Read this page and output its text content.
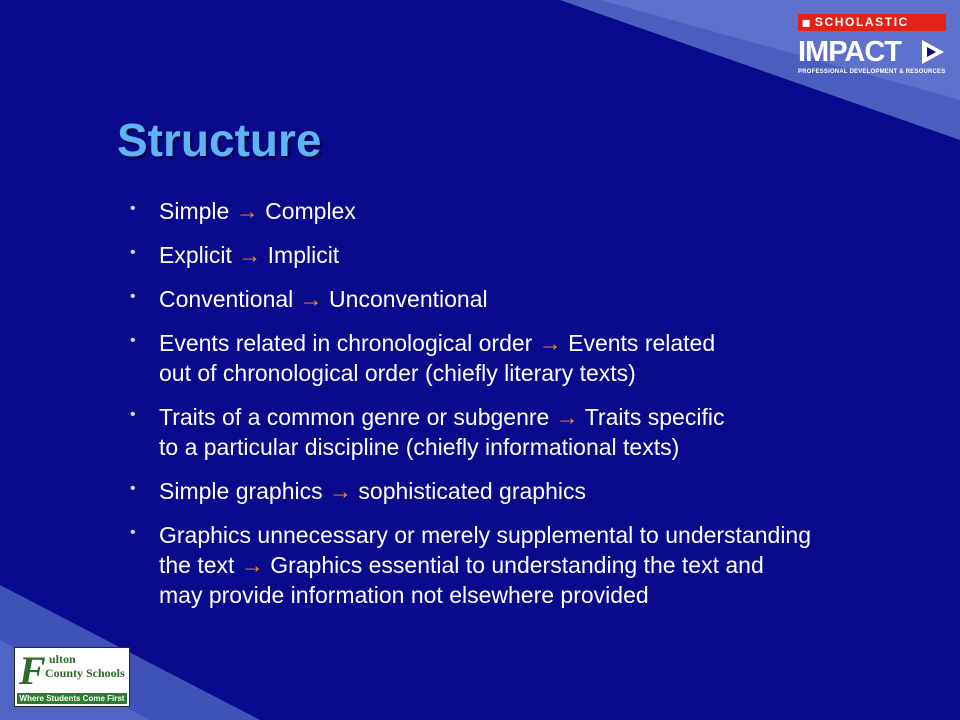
◼ SCHOLASTIC
IMPACT
PROFESSIONAL DEVELOPMENT & RESOURCES
Structure
• Simple → Complex
• Explicit → Implicit
• Conventional → Unconventional
• Events related in chronological order → Events related
out of chronological order (chiefly literary texts)
• Traits of a common genre or subgenre → Traits specific
to a particular discipline (chiefly informational texts)
• Simple graphics → sophisticated graphics
• Graphics unnecessary or merely supplemental to understanding
the text → Graphics essential to understanding the text and
may provide information not elsewhere provided
F ulton
County Schools
Where Students Come First
